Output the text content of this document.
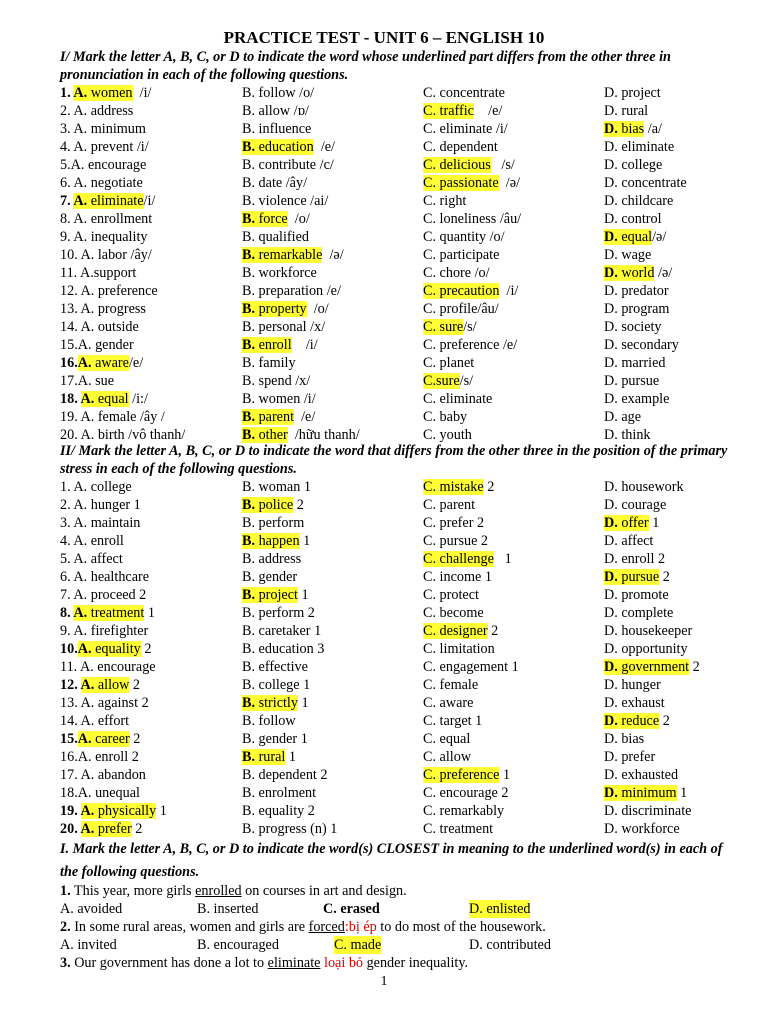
PRACTICE TEST - UNIT 6 – ENGLISH 10
I/ Mark the letter A, B, C, or D to indicate the word whose underlined part differs from the other three in pronunciation in each of the following questions.
1. A. women  /i/	B. follow /o/	C. concentrate	D. project
2. A. address	B. allow /ɒ/	C. traffic    /e/	D. rural
3. A. minimum	B. influence	C. eliminate /i/	D. bias /a/
4. A. prevent /i/	B. education  /e/	C. dependent	D. eliminate
5.A. encourage	B. contribute /c/	C. delicious   /s/	D. college
6. A. negotiate	B. date /ây/	C. passionate  /ə/	D. concentrate
7. A. eliminate/i/	B. violence /ai/	C. right	D. childcare
8. A. enrollment	B. force  /o/	C. loneliness /âu/	D. control
9. A. inequality	B. qualified	C. quantity /o/	D. equal/ə/
10. A. labor /ây/	B. remarkable  /ə/	C. participate	D. wage
11. A.support	B. workforce	C. chore /o/	D. world /ə/
12. A. preference	B. preparation /e/	C. precaution  /i/	D. predator
13. A. progress	B. property  /o/	C. profile/âu/	D. program
14. A. outside	B. personal /x/	C. sure/s/	D. society
15.A. gender	B. enroll    /i/	C. preference /e/	D. secondary
16.A. aware/e/	B. family	C. planet	D. married
17.A. sue	B. spend /x/	C.sure/s/	D. pursue
18. A. equal /i:/	B. women /i/	C. eliminate	D. example
19. A. female /ây /	B. parent  /e/	C. baby	D. age
20. A. birth /vô thanh/	B. other  /hữu thanh/	C. youth	D. think
II/ Mark the letter A, B, C, or D to indicate the word that differs from the other three in the position of the primary stress in each of the following questions.
1. A. college	B. woman 1	C. mistake 2	D. housework
2. A. hunger 1	B. police 2	C. parent	D. courage
3. A. maintain	B. perform	C. prefer 2	D. offer 1
4. A. enroll	B. happen 1	C. pursue 2	D. affect
5. A. affect	B. address	C. challenge   1	D. enroll 2
6. A. healthcare	B. gender	C. income 1	D. pursue 2
7. A. proceed 2	B. project 1	C. protect	D. promote
8. A. treatment 1	B. perform 2	C. become	D. complete
9. A. firefighter	B. caretaker 1	C. designer 2	D. housekeeper
10.A. equality 2	B. education 3	C. limitation	D. opportunity
11. A. encourage	B. effective	C. engagement 1	D. government 2
12. A. allow 2	B. college 1	C. female	D. hunger
13. A. against 2	B. strictly 1	C. aware	D. exhaust
14. A. effort	B. follow	C. target 1	D. reduce 2
15.A. career 2	B. gender 1	C. equal	D. bias
16.A. enroll 2	B. rural 1	C. allow	D. prefer
17. A. abandon	B. dependent 2	C. preference 1	D. exhausted
18.A. unequal	B. enrolment	C. encourage 2	D. minimum 1
19. A. physically 1	B. equality 2	C. remarkably	D. discriminate
20. A. prefer 2	B. progress (n) 1	C. treatment	D. workforce
I. Mark the letter A, B, C, or D to indicate the word(s) CLOSEST in meaning to the underlined word(s) in each of the following questions.
1. This year, more girls enrolled on courses in art and design.
A. avoided	B. inserted	C. erased	D. enlisted
2. In some rural areas, women and girls are forced:bị ép to do most of the housework.
A. invited	B. encouraged	C. made	D. contributed
3. Our government has done a lot to eliminate loại bỏ gender inequality.
1
